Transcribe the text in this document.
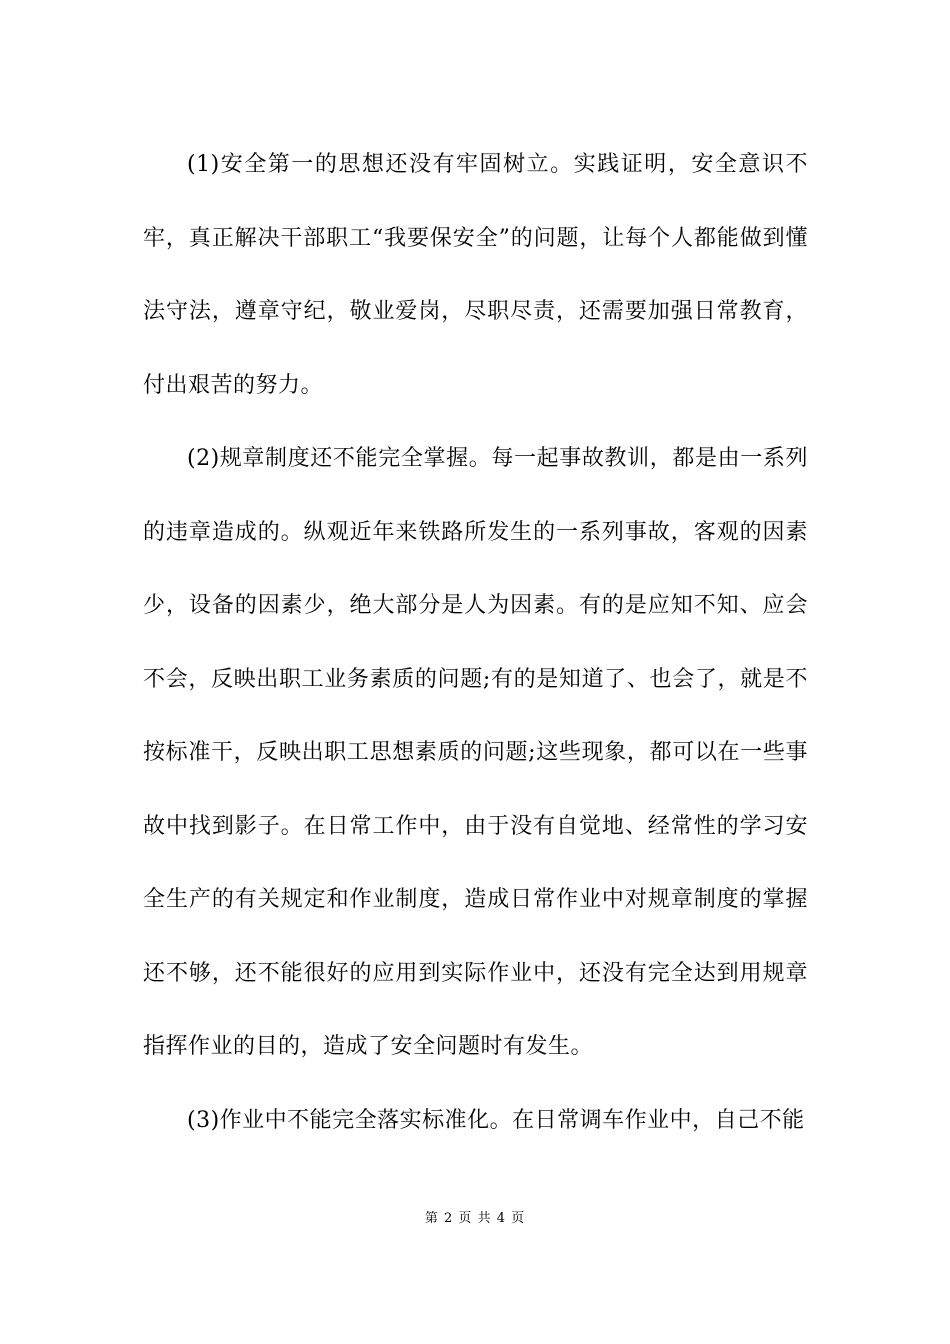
(1)安全第一的思想还没有牢固树立。实践证明，安全意识不牢，真正解决干部职工“我要保安全”的问题，让每个人都能做到懂法守法，遵章守纪，敬业爱岗，尽职尽责，还需要加强日常教育，付出艰苦的努力。

(2)规章制度还不能完全掌握。每一起事故教训，都是由一系列的违章造成的。纵观近年来铁路所发生的一系列事故，客观的因素少，设备的因素少，绝大部分是人为因素。有的是应知不知、应会不会，反映出职工业务素质的问题;有的是知道了、也会了，就是不按标准干，反映出职工思想素质的问题;这些现象，都可以在一些事故中找到影子。在日常工作中，由于没有自觉地、经常性的学习安全生产的有关规定和作业制度，造成日常作业中对规章制度的掌握还不够，还不能很好的应用到实际作业中，还没有完全达到用规章指挥作业的目的，造成了安全问题时有发生。

(3)作业中不能完全落实标准化。在日常调车作业中，自己不能

第 2 页 共 4 页
